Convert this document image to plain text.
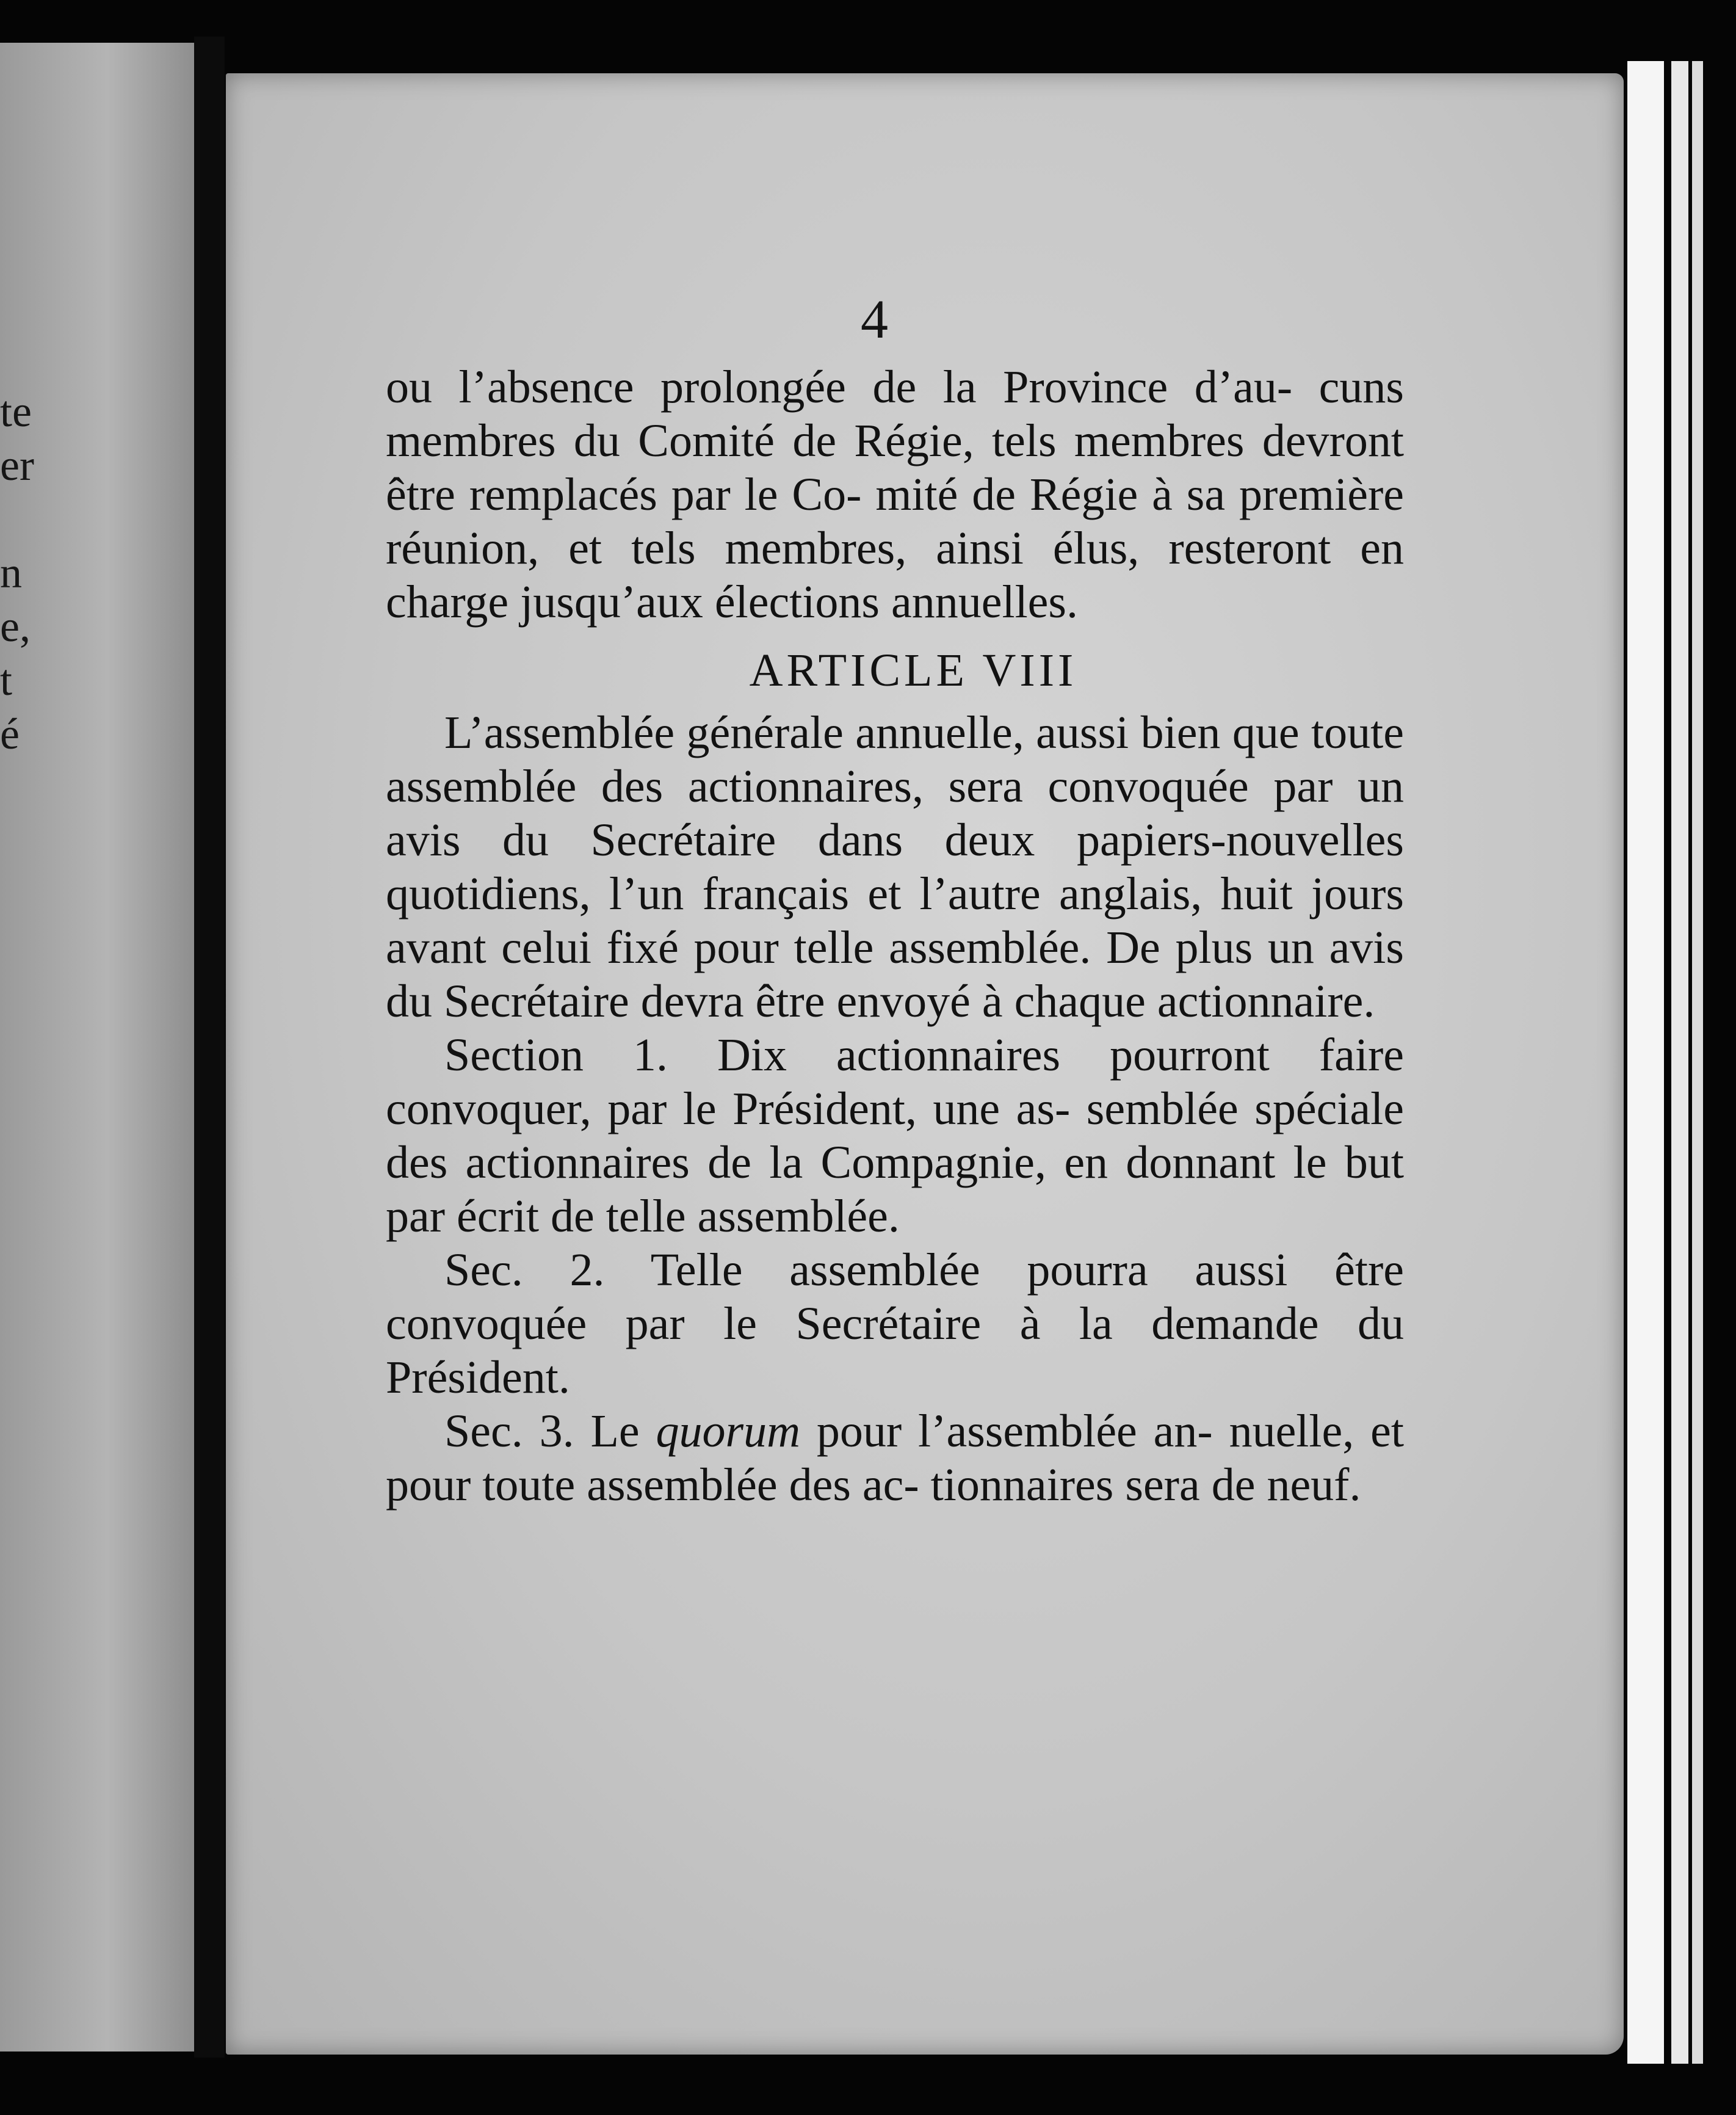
te
er
n
e,
t
é
4

ou l’absence prolongée de la Province d’au- cuns membres du Comité de Régie, tels membres devront être remplacés par le Co- mité de Régie à sa première réunion, et tels membres, ainsi élus, resteront en charge jusqu’aux élections annuelles.

ARTICLE VIII

L’assemblée générale annuelle, aussi bien que toute assemblée des actionnaires, sera convoquée par un avis du Secrétaire dans deux papiers-nouvelles quotidiens, l’un français et l’autre anglais, huit jours avant celui fixé pour telle assemblée. De plus un avis du Secrétaire devra être envoyé à chaque actionnaire.

Section 1. Dix actionnaires pourront faire convoquer, par le Président, une as- semblée spéciale des actionnaires de la Compagnie, en donnant le but par écrit de telle assemblée.

Sec. 2. Telle assemblée pourra aussi être convoquée par le Secrétaire à la demande du Président.

Sec. 3. Le quorum pour l’assemblée an- nuelle, et pour toute assemblée des ac- tionnaires sera de neuf.
